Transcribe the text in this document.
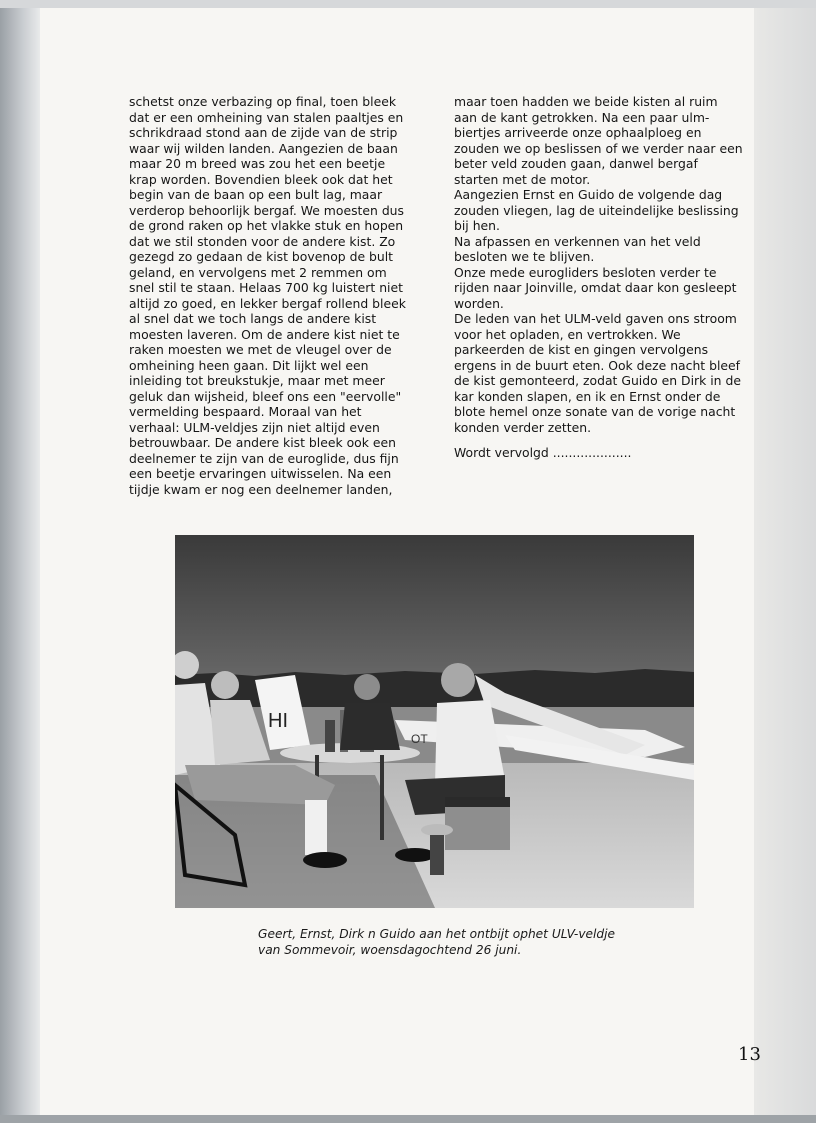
schetst onze verbazing op final, toen bleek dat er een omheining van stalen paaltjes en schrikdraad stond aan de zijde van de strip waar wij wilden landen. Aangezien de baan maar 20 m breed was zou het een beetje krap worden. Bovendien bleek ook dat het begin van de baan op een bult lag, maar verderop behoorlijk bergaf. We moesten dus de grond raken op het vlakke stuk en hopen dat we stil stonden voor de andere kist. Zo gezegd zo gedaan de kist bovenop de bult geland, en vervolgens met 2 remmen om snel stil te staan. Helaas 700 kg luistert niet altijd zo goed, en lekker bergaf rollend bleek al snel dat we toch langs de andere kist moesten laveren. Om de andere kist niet te raken moesten we met de vleugel over de omheining heen gaan. Dit lijkt wel een inleiding tot breukstukje, maar met meer geluk dan wijsheid, bleef ons een "eervolle" vermelding bespaard. Moraal van het verhaal: ULM-veldjes zijn niet altijd even betrouwbaar. De andere kist bleek ook een deelnemer te zijn van de euroglide, dus fijn een beetje ervaringen uitwisselen. Na een tijdje kwam er nog een deelnemer landen,

maar toen hadden we beide kisten al ruim aan de kant getrokken. Na een paar ulm-biertjes arriveerde onze ophaalploeg en zouden we op beslissen of we verder naar een beter veld zouden gaan, danwel bergaf starten met de motor.

Aangezien Ernst en Guido de volgende dag zouden vliegen, lag de uiteindelijke beslissing bij hen.

Na afpassen en verkennen van het veld besloten we te blijven.

Onze mede eurogliders besloten verder te rijden naar Joinville, omdat daar kon gesleept worden.

De leden van het ULM-veld gaven ons stroom voor het opladen, en vertrokken. We parkeerden de kist en gingen vervolgens ergens in de buurt eten. Ook deze nacht bleef de kist gemonteerd, zodat Guido en Dirk in de kar konden slapen, en ik en Ernst onder de blote hemel onze sonate van de vorige nacht konden verder zetten.

Wordt vervolgd ....................

HI
OT

Geert, Ernst, Dirk n Guido aan het ontbijt ophet ULV-veldje

van Sommevoir, woensdagochtend 26 juni.

13
